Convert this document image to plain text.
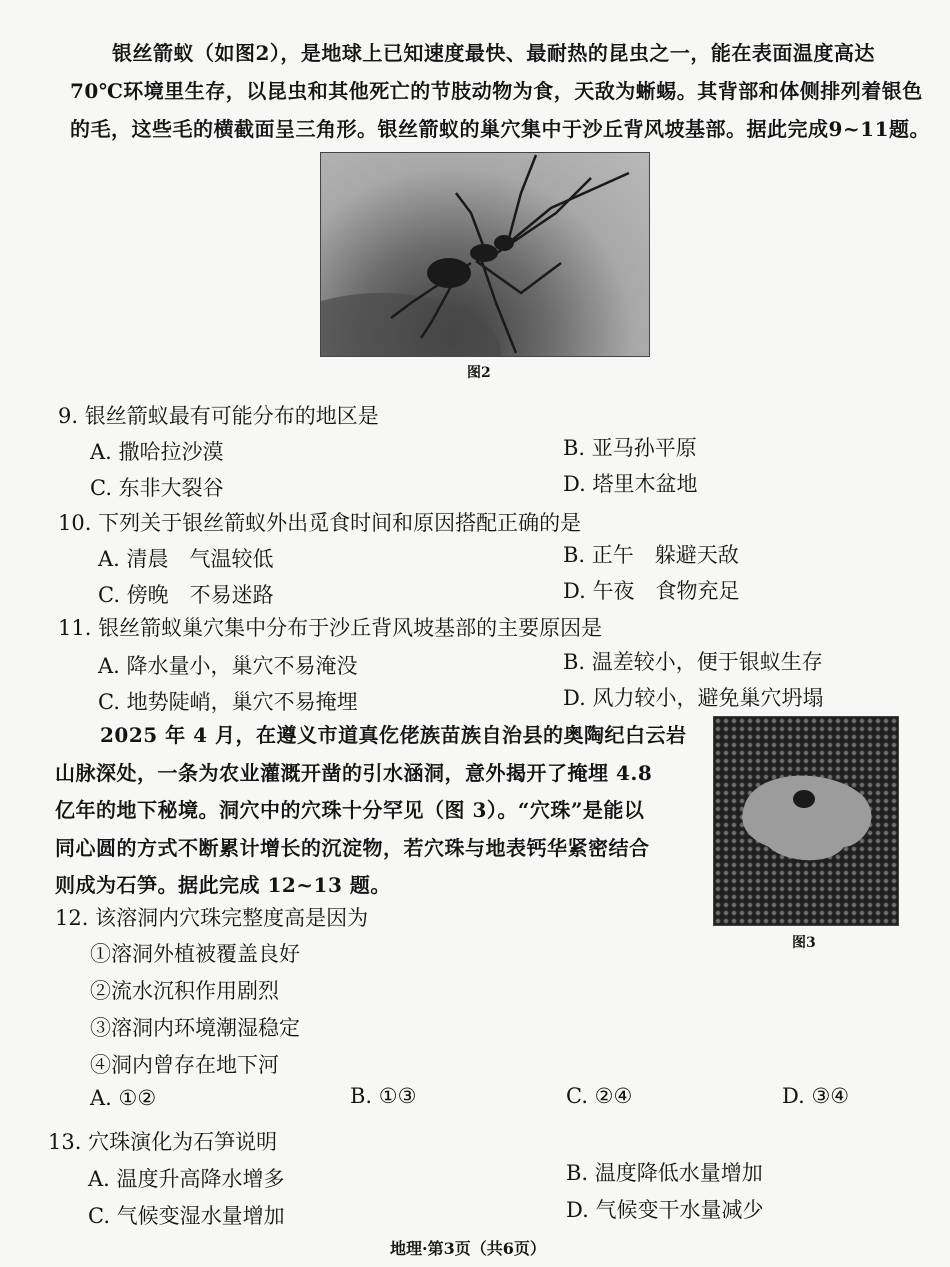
银丝箭蚁（如图2），是地球上已知速度最快、最耐热的昆虫之一，能在表面温度高达
70℃环境里生存，以昆虫和其他死亡的节肢动物为食，天敌为蜥蜴。其背部和体侧排列着银色
的毛，这些毛的横截面呈三角形。银丝箭蚁的巢穴集中于沙丘背风坡基部。据此完成9~11题。
图2
9. 银丝箭蚁最有可能分布的地区是
A. 撒哈拉沙漠	B. 亚马孙平原
C. 东非大裂谷	D. 塔里木盆地
10. 下列关于银丝箭蚁外出觅食时间和原因搭配正确的是
A. 清晨　气温较低	B. 正午　躲避天敌
C. 傍晚　不易迷路	D. 午夜　食物充足
11. 银丝箭蚁巢穴集中分布于沙丘背风坡基部的主要原因是
A. 降水量小，巢穴不易淹没	B. 温差较小，便于银蚁生存
C. 地势陡峭，巢穴不易掩埋	D. 风力较小，避免巢穴坍塌
2025 年 4 月，在遵义市道真仡佬族苗族自治县的奥陶纪白云岩
山脉深处，一条为农业灌溉开凿的引水涵洞，意外揭开了掩埋 4.8
亿年的地下秘境。洞穴中的穴珠十分罕见（图 3）。“穴珠”是能以
同心圆的方式不断累计增长的沉淀物，若穴珠与地表钙华紧密结合
则成为石笋。据此完成 12~13 题。
图3
12. 该溶洞内穴珠完整度高是因为
①溶洞外植被覆盖良好
②流水沉积作用剧烈
③溶洞内环境潮湿稳定
④洞内曾存在地下河
A. ①②	B. ①③	C. ②④	D. ③④
13. 穴珠演化为石笋说明
A. 温度升高降水增多	B. 温度降低水量增加
C. 气候变湿水量增加	D. 气候变干水量减少
地理·第3页（共6页）
